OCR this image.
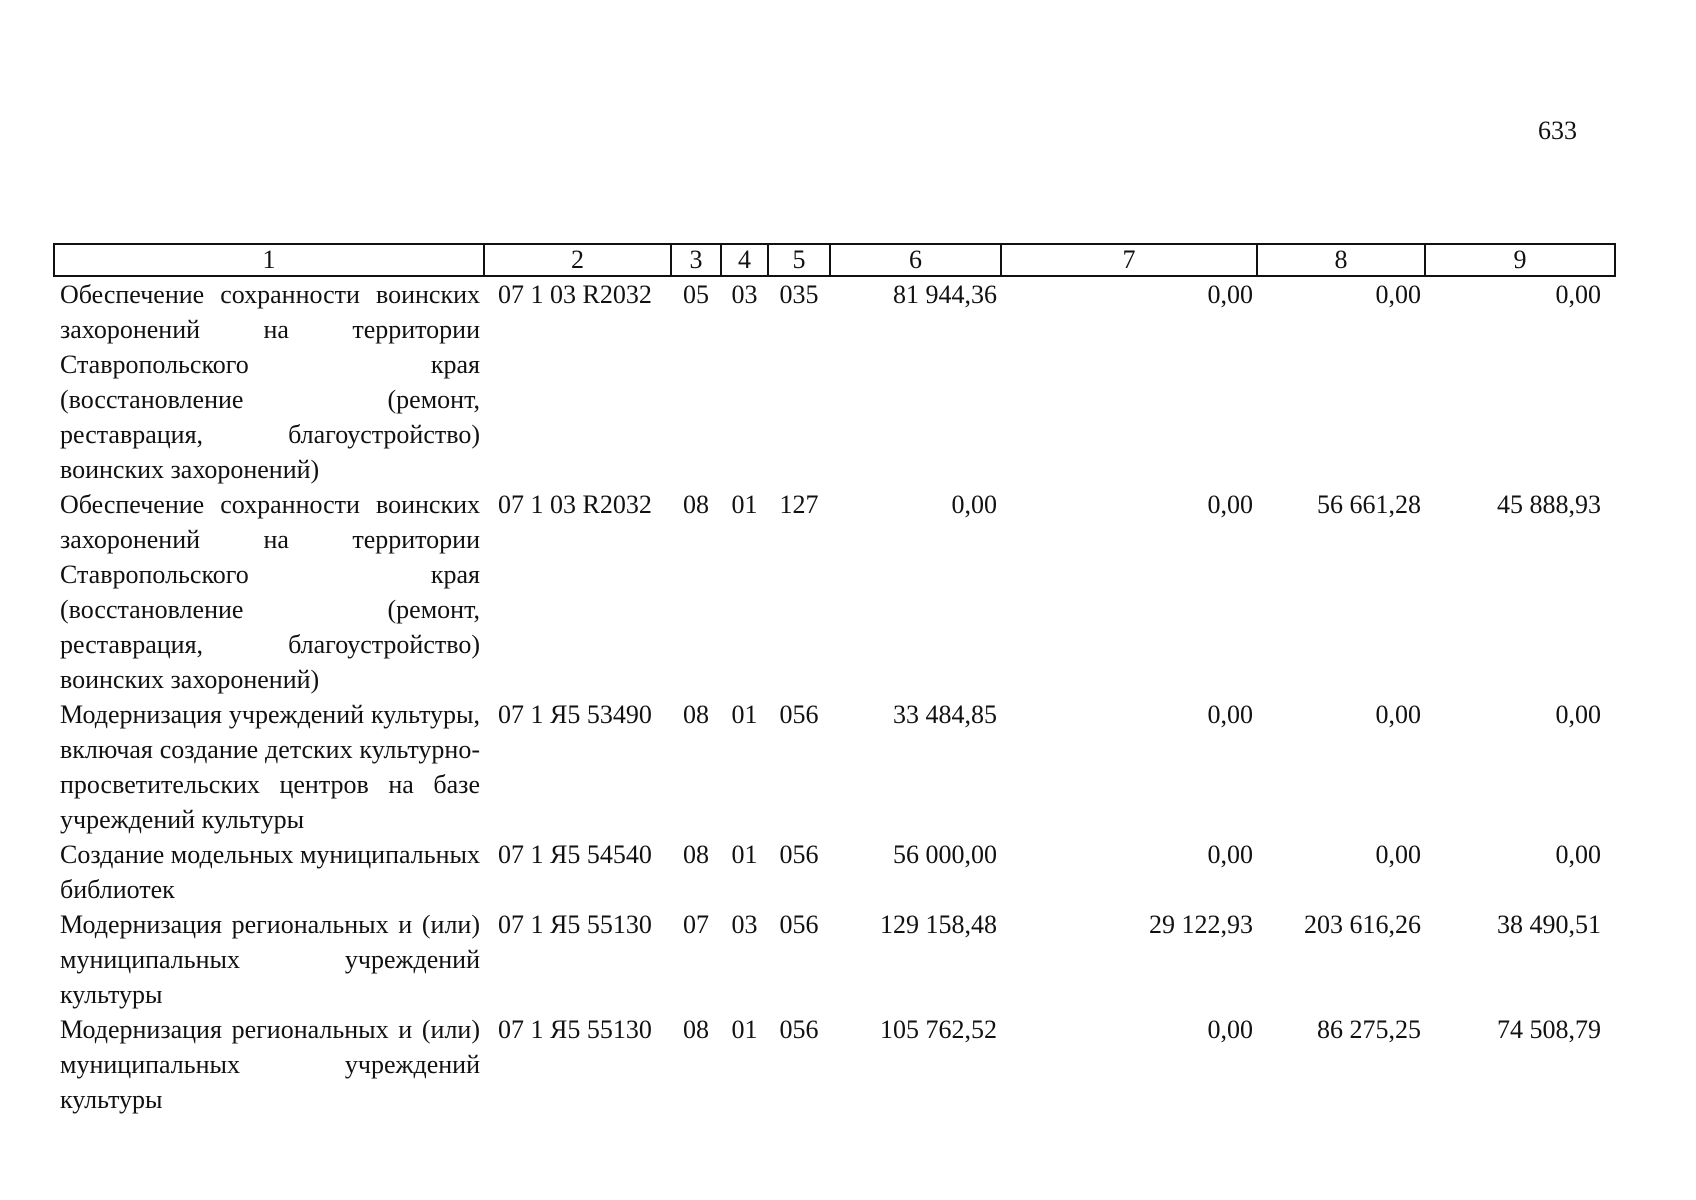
633
1	2	3	4	5	6	7	8	9
Обеспечение сохранности воинских захоронений на территории Ставропольского края (восстановление (ремонт, реставрация, благоустройство) воинских захоронений)	07 1 03 R2032	05	03	035	81 944,36	0,00	0,00	0,00
Обеспечение сохранности воинских захоронений на территории Ставропольского края (восстановление (ремонт, реставрация, благоустройство) воинских захоронений)	07 1 03 R2032	08	01	127	0,00	0,00	56 661,28	45 888,93
Модернизация учреждений культуры, включая создание детских культурно-просветительских центров на базе учреждений культуры	07 1 Я5 53490	08	01	056	33 484,85	0,00	0,00	0,00
Создание модельных муниципальных библиотек	07 1 Я5 54540	08	01	056	56 000,00	0,00	0,00	0,00
Модернизация региональных и (или) муниципальных учреждений культуры	07 1 Я5 55130	07	03	056	129 158,48	29 122,93	203 616,26	38 490,51
Модернизация региональных и (или) муниципальных учреждений культуры	07 1 Я5 55130	08	01	056	105 762,52	0,00	86 275,25	74 508,79
